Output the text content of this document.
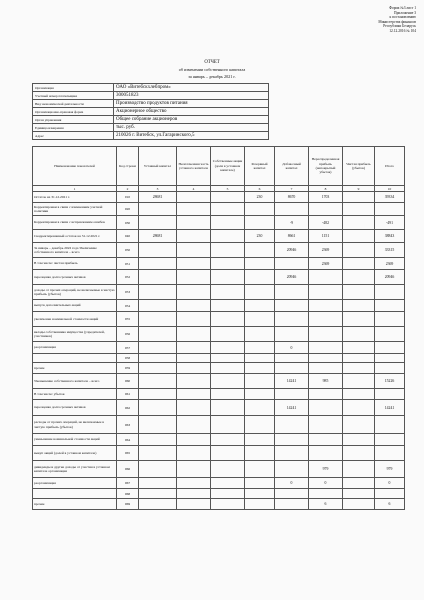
Форма №3 лист 1
Приложение 3
к постановлению
Министерства финансов
Республики Беларусь
12.12.2016 № 104
ОТЧЕТ
об изменении собственного капитала
за январь – декабрь 2021 г.
Организация	ОАО «Витебскхлебпром»
Учетный номер плательщика	300051823
Вид экономической деятельности	Производство продуктов питания
Организационно-правовая форма	Акционерное общество
Орган управления	Общее собрание акционеров
Единица измерения	тыс. руб.
Адрес	210026 г. Витебск, ул.Гагаринского,5
Наименование показателей	Код строки	Уставный капитал	Неоплаченная часть уставного капитала	Собственные акции (доли в уставном капитале)	Резервный капитал	Добавочный капитал	Нераспределенная прибыль (непокрытый убыток)	Чистая прибыль (убыток)	Итого
1	2	3	4	5	6	7	8	9	10
Остаток на 31.12.2021 г.	010	28681			230	8670	1703		39334
Корректировки в связи с изменением учетной политики	020								
Корректировки в связи с исправлением ошибок	030					-9	-482		-491
Скорректированный остаток на 31.12.2021 г.	040	28681			230	8661	1151		38843
За январь – декабрь 2022 года Увеличение собственного капитала – всего	050					20946	2369		33315
В том числе: чистая прибыль	051						2369		2369
переоценка долгосрочных активов	052					20946			20946
доходы от прочих операций, не включаемые в чистую прибыль (убыток)	053								
выпуск дополнительных акций	054								
увеличение номинальной стоимости акций	055								
вклады собственника имущества (учредителей, участников)	056								
реорганизация	057					0			
	058								
прочие	059								
Уменьшение собственного капитала – всего	060					14241	985		15226
В том числе: убыток	061								
переоценка долгосрочных активов	062					14241			14241
расходы от прочих операций, не включаемые в чистую прибыль (убыток)	063								
уменьшение номинальной стоимости акций	064								
выкуп акций (долей в уставном капитале)	065								
дивиденды и другие доходы от участия в уставном капитале организации	066						979		979
реорганизация	067					0	0		0
	068								
прочие	069						6		6
